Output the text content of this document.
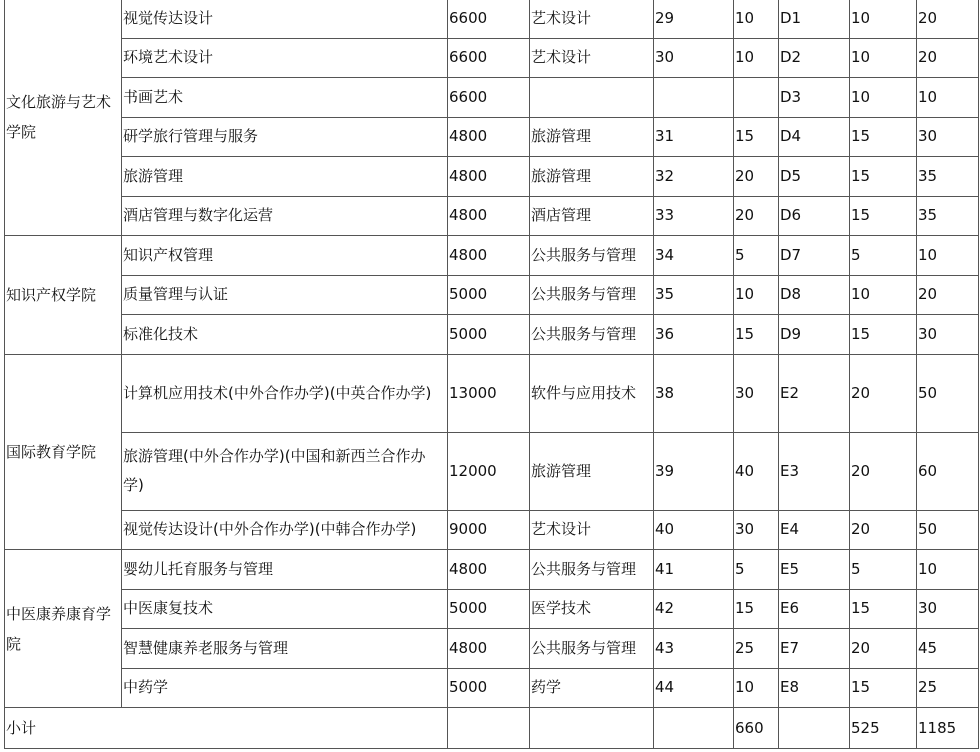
文化旅游与艺术学院	视觉传达设计	6600	艺术设计	29	10	D1	10	20
	环境艺术设计	6600	艺术设计	30	10	D2	10	20
	书画艺术	6600				D3	10	10
	研学旅行管理与服务	4800	旅游管理	31	15	D4	15	30
	旅游管理	4800	旅游管理	32	20	D5	15	35
	酒店管理与数字化运营	4800	酒店管理	33	20	D6	15	35
知识产权学院	知识产权管理	4800	公共服务与管理	34	5	D7	5	10
	质量管理与认证	5000	公共服务与管理	35	10	D8	10	20
	标准化技术	5000	公共服务与管理	36	15	D9	15	30
国际教育学院	计算机应用技术(中外合作办学)(中英合作办学)	13000	软件与应用技术	38	30	E2	20	50
	旅游管理(中外合作办学)(中国和新西兰合作办学)	12000	旅游管理	39	40	E3	20	60
	视觉传达设计(中外合作办学)(中韩合作办学)	9000	艺术设计	40	30	E4	20	50
中医康养康育学院	婴幼儿托育服务与管理	4800	公共服务与管理	41	5	E5	5	10
	中医康复技术	5000	医学技术	42	15	E6	15	30
	智慧健康养老服务与管理	4800	公共服务与管理	43	25	E7	20	45
	中药学	5000	药学	44	10	E8	15	25
小计					660		525	1185
